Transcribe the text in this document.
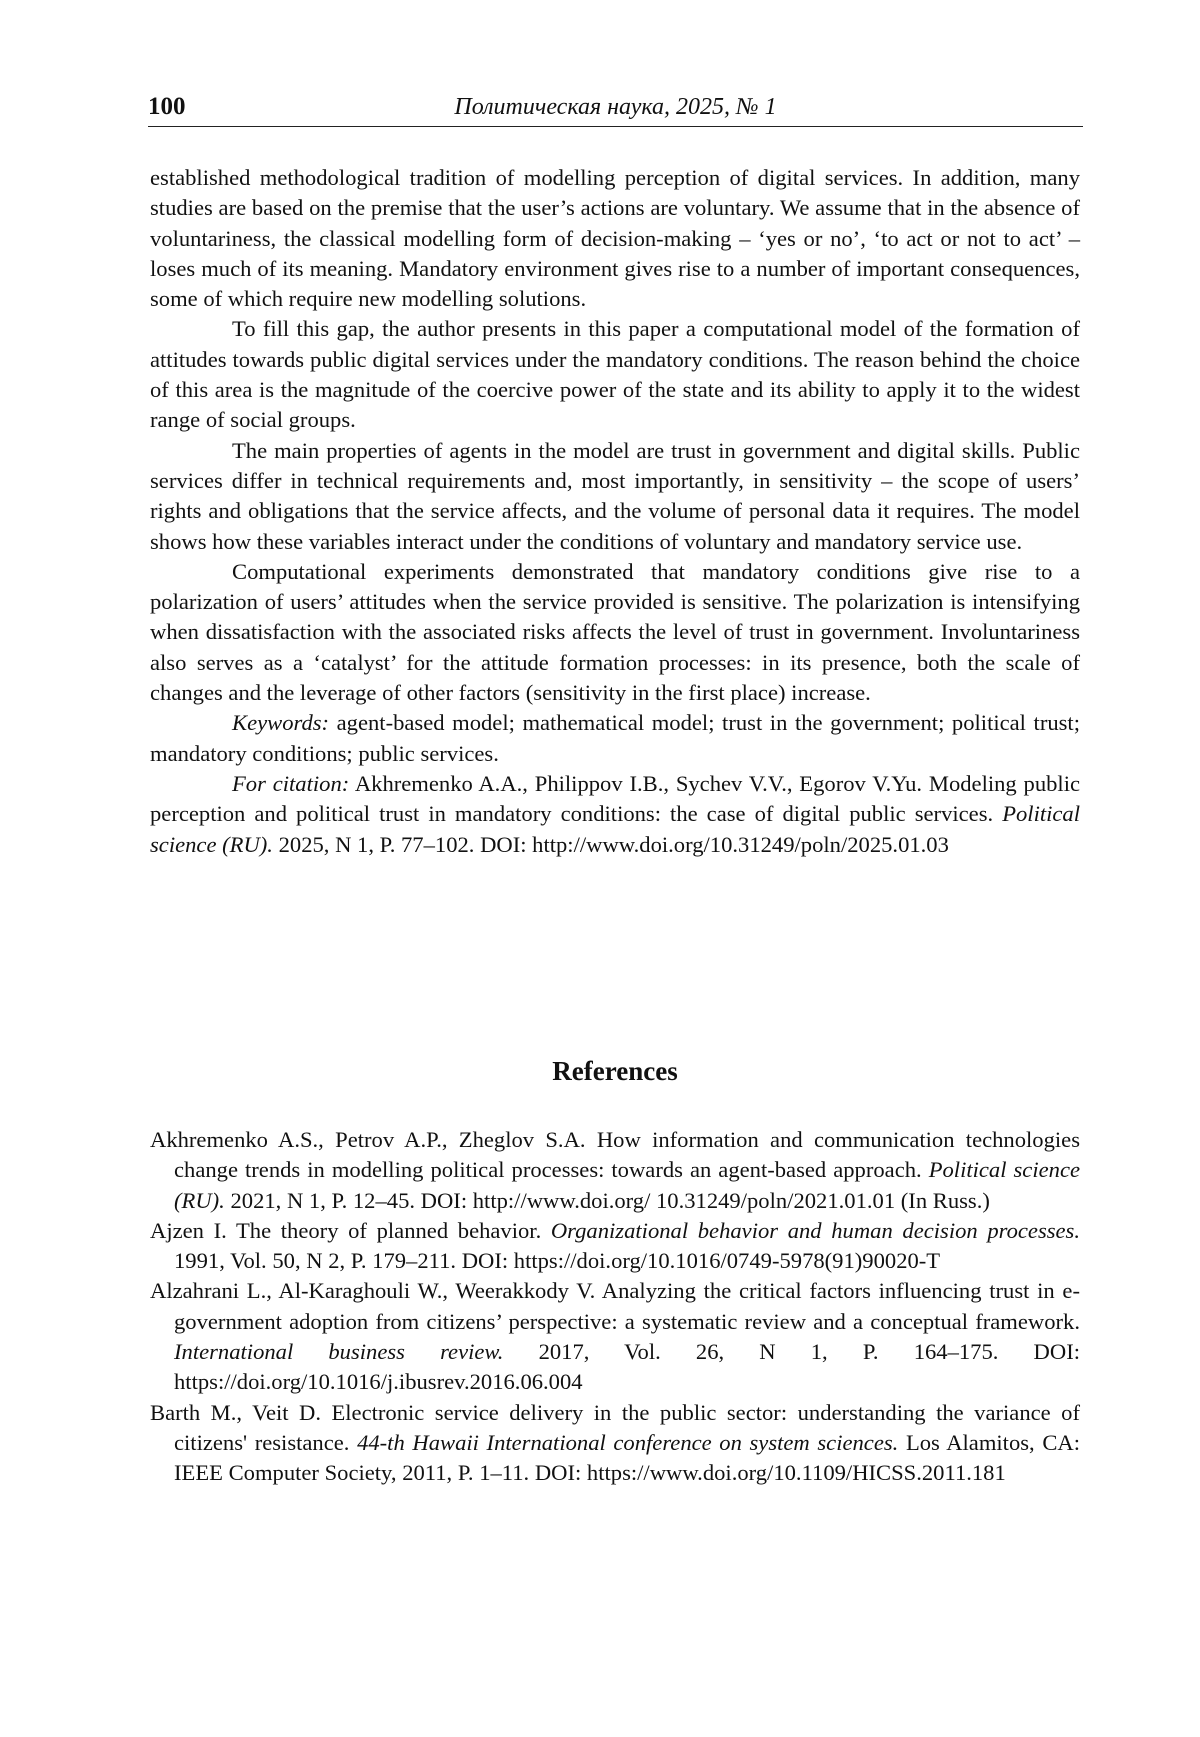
100	Политическая наука, 2025, № 1

established methodological tradition of modelling perception of digital services. In addition, many studies are based on the premise that the user’s actions are voluntary. We assume that in the absence of voluntariness, the classical modelling form of decision-making – ‘yes or no’, ‘to act or not to act’ – loses much of its meaning. Mandatory environment gives rise to a number of important consequences, some of which require new modelling solutions.

To fill this gap, the author presents in this paper a computational model of the formation of attitudes towards public digital services under the mandatory conditions. The reason behind the choice of this area is the magnitude of the coercive power of the state and its ability to apply it to the widest range of social groups.

The main properties of agents in the model are trust in government and digital skills. Public services differ in technical requirements and, most importantly, in sensitivity – the scope of users’ rights and obligations that the service affects, and the volume of personal data it requires. The model shows how these variables interact under the conditions of voluntary and mandatory service use.

Computational experiments demonstrated that mandatory conditions give rise to a polarization of users’ attitudes when the service provided is sensitive. The polarization is intensifying when dissatisfaction with the associated risks affects the level of trust in government. Involuntariness also serves as a ‘catalyst’ for the attitude formation processes: in its presence, both the scale of changes and the leverage of other factors (sensitivity in the first place) increase.

Keywords: agent-based model; mathematical model; trust in the government; political trust; mandatory conditions; public services.

For citation: Akhremenko A.A., Philippov I.B., Sychev V.V., Egorov V.Yu. Modeling public perception and political trust in mandatory conditions: the case of digital public services. Political science (RU). 2025, N 1, P. 77–102. DOI: http://www.doi.org/10.31249/poln/2025.01.03

References

Akhremenko A.S., Petrov A.P., Zheglov S.A. How information and communication technologies change trends in modelling political processes: towards an agent-based approach. Political science (RU). 2021, N 1, P. 12–45. DOI: http://www.doi.org/ 10.31249/poln/2021.01.01 (In Russ.)

Ajzen I. The theory of planned behavior. Organizational behavior and human decision processes. 1991, Vol. 50, N 2, P. 179–211. DOI: https://doi.org/10.1016/0749-5978(91)90020-T

Alzahrani L., Al-Karaghouli W., Weerakkody V. Analyzing the critical factors influencing trust in e-government adoption from citizens’ perspective: a systematic review and a conceptual framework. International business review. 2017, Vol. 26, N 1, P. 164–175. DOI: https://doi.org/10.1016/j.ibusrev.2016.06.004

Barth M., Veit D. Electronic service delivery in the public sector: understanding the variance of citizens' resistance. 44-th Hawaii International conference on system sciences. Los Alamitos, CA: IEEE Computer Society, 2011, P. 1–11. DOI: https://www.doi.org/10.1109/HICSS.2011.181
